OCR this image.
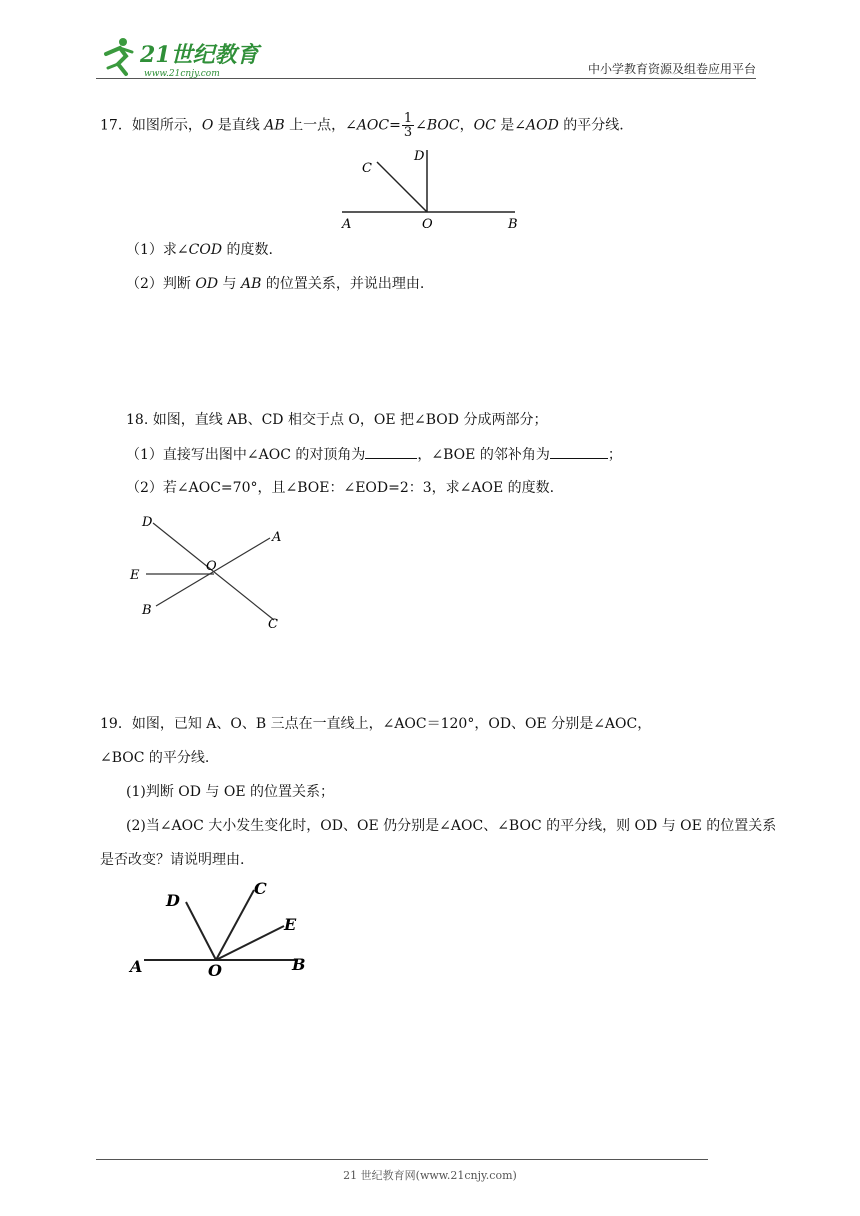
21世纪教育
www.21cnjy.com	中小学教育资源及组卷应用平台
17．如图所示，O 是直线 AB 上一点，∠AOC= $\frac{1}{3}$ ∠BOC，OC 是∠AOD 的平分线.
A	O	B
C
D
（1）求∠COD 的度数.
（2）判断 OD 与 AB 的位置关系，并说出理由.
18. 如图，直线 AB、CD 相交于点 O，OE 把∠BOD 分成两部分；
（1）直接写出图中∠AOC 的对顶角为	，∠BOE 的邻补角为	；
（2）若∠AOC=70°，且∠BOE：∠EOD=2：3，求∠AOE 的度数.
D
A
O
E
B
C
19．如图，已知 A、O、B 三点在一直线上，∠AOC＝120°，OD、OE 分别是∠AOC，
∠BOC 的平分线.
(1)判断 OD 与 OE 的位置关系；
(2)当∠AOC 大小发生变化时，OD、OE 仍分别是∠AOC、∠BOC 的平分线，则 OD 与 OE 的位置关系
是否改变？请说明理由.
A	O	B
D
C
E
21 世纪教育网(www.21cnjy.com)
